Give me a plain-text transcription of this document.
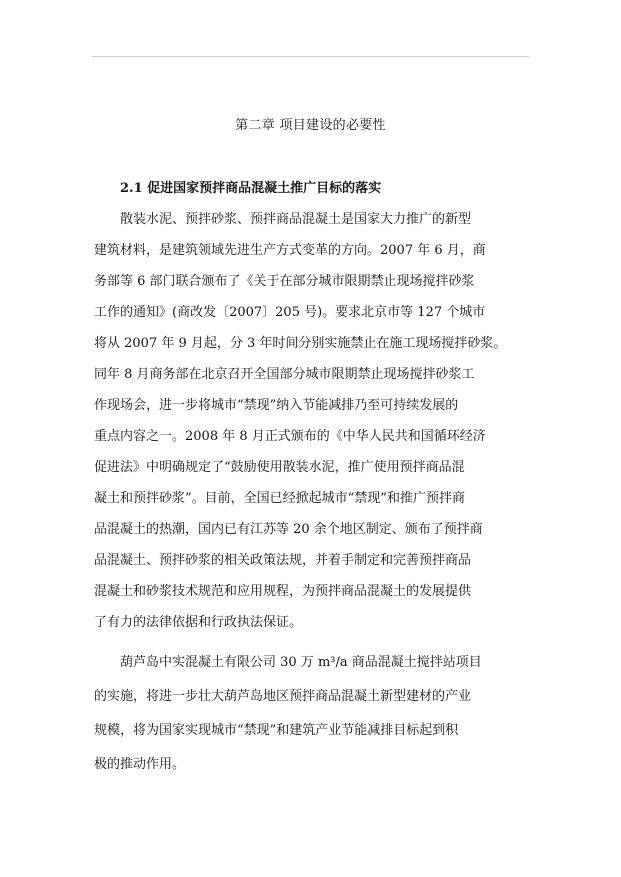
第二章 项目建设的必要性
2.1 促进国家预拌商品混凝土推广目标的落实
散装水泥、预拌砂浆、预拌商品混凝土是国家大力推广的新型
建筑材料，是建筑领域先进生产方式变革的方向。2007 年 6 月，商
务部等 6 部门联合颁布了《关于在部分城市限期禁止现场搅拌砂浆
工作的通知》(商改发〔2007〕205 号)。要求北京市等 127 个城市
将从 2007 年 9 月起，分 3 年时间分别实施禁止在施工现场搅拌砂浆。
同年 8 月商务部在北京召开全国部分城市限期禁止现场搅拌砂浆工
作现场会，进一步将城市“禁现”纳入节能减排乃至可持续发展的
重点内容之一。2008 年 8 月正式颁布的《中华人民共和国循环经济
促进法》中明确规定了“鼓励使用散装水泥，推广使用预拌商品混
凝土和预拌砂浆”。目前，全国已经掀起城市“禁现”和推广预拌商
品混凝土的热潮，国内已有江苏等 20 余个地区制定、颁布了预拌商
品混凝土、预拌砂浆的相关政策法规，并着手制定和完善预拌商品
混凝土和砂浆技术规范和应用规程，为预拌商品混凝土的发展提供
了有力的法律依据和行政执法保证。
葫芦岛中实混凝土有限公司 30 万 m³/a 商品混凝土搅拌站项目
的实施，将进一步壮大葫芦岛地区预拌商品混凝土新型建材的产业
规模，将为国家实现城市“禁现”和建筑产业节能减排目标起到积
极的推动作用。
